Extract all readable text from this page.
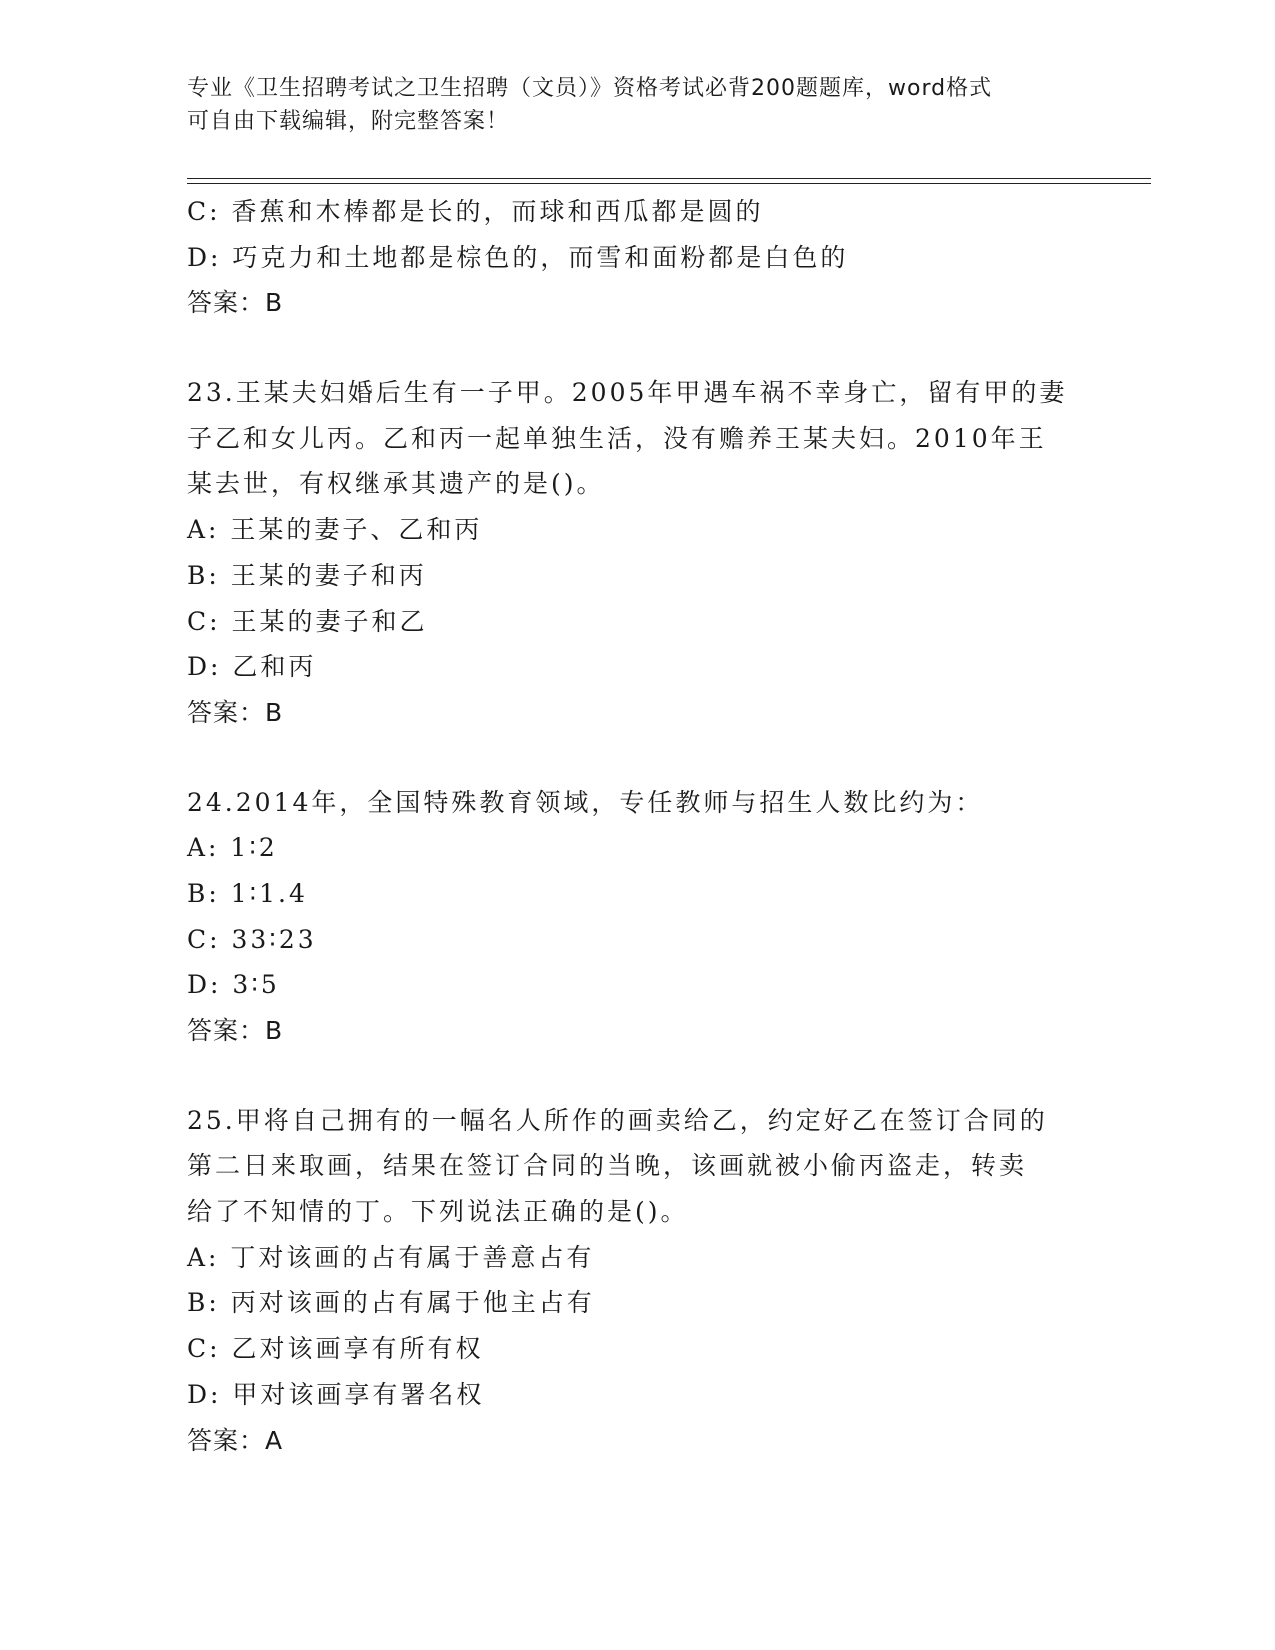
专业《卫生招聘考试之卫生招聘（文员）》资格考试必背200题题库，word格式
可自由下载编辑，附完整答案！
C: 香蕉和木棒都是长的，而球和西瓜都是圆的
D: 巧克力和土地都是棕色的，而雪和面粉都是白色的
答案：B
23.王某夫妇婚后生有一子甲。2005年甲遇车祸不幸身亡，留有甲的妻
子乙和女儿丙。乙和丙一起单独生活，没有赡养王某夫妇。2010年王
某去世，有权继承其遗产的是()。
A: 王某的妻子、乙和丙
B: 王某的妻子和丙
C: 王某的妻子和乙
D: 乙和丙
答案：B
24.2014年，全国特殊教育领域，专任教师与招生人数比约为：
A: 1∶2
B: 1∶1.4
C: 33∶23
D: 3∶5
答案：B
25.甲将自己拥有的一幅名人所作的画卖给乙，约定好乙在签订合同的
第二日来取画，结果在签订合同的当晚，该画就被小偷丙盗走，转卖
给了不知情的丁。下列说法正确的是()。
A: 丁对该画的占有属于善意占有
B: 丙对该画的占有属于他主占有
C: 乙对该画享有所有权
D: 甲对该画享有署名权
答案：A
